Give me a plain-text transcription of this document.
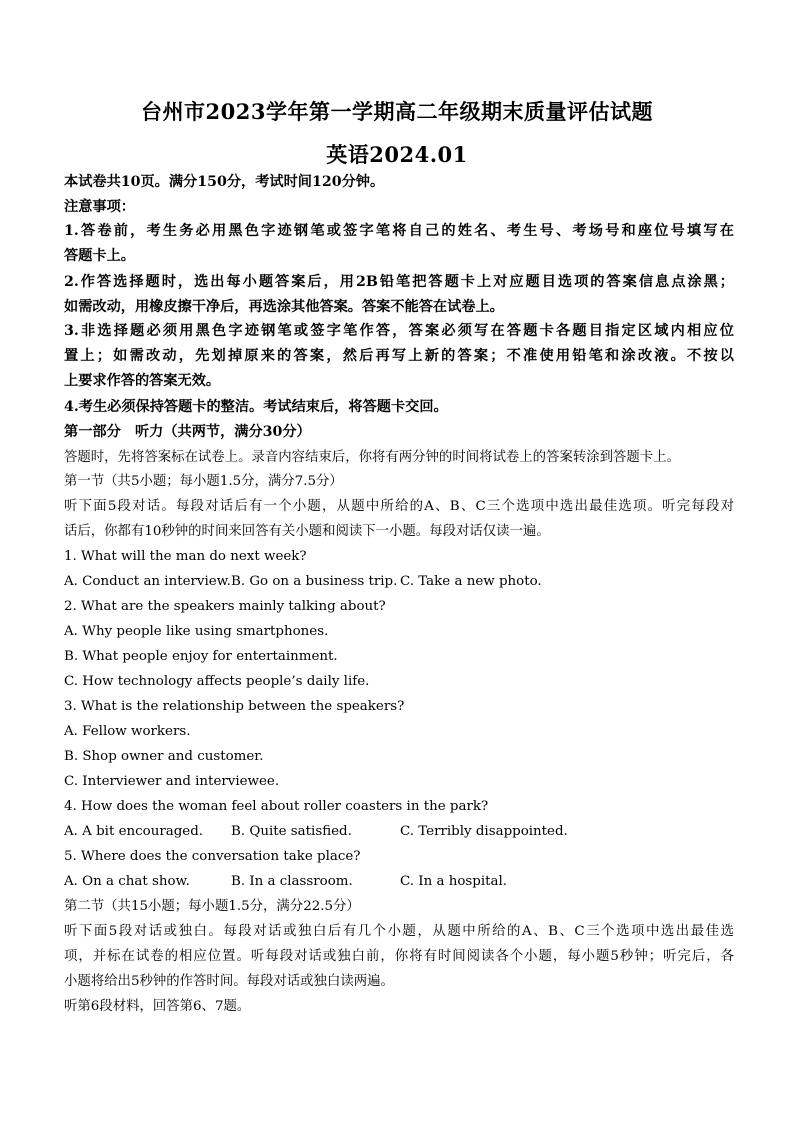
台州市2023学年第一学期高二年级期末质量评估试题
英语2024.01
本试卷共10页。满分150分，考试时间120分钟。
注意事项：
1.答卷前，考生务必用黑色字迹钢笔或签字笔将自己的姓名、考生号、考场号和座位号填写在
答题卡上。
2.作答选择题时，选出每小题答案后，用2B铅笔把答题卡上对应题目选项的答案信息点涂黑；
如需改动，用橡皮擦干净后，再选涂其他答案。答案不能答在试卷上。
3.非选择题必须用黑色字迹钢笔或签字笔作答，答案必须写在答题卡各题目指定区域内相应位
置上；如需改动，先划掉原来的答案，然后再写上新的答案；不准使用铅笔和涂改液。不按以
上要求作答的答案无效。
4.考生必须保持答题卡的整洁。考试结束后，将答题卡交回。
第一部分　听力（共两节，满分30分）
答题时，先将答案标在试卷上。录音内容结束后，你将有两分钟的时间将试卷上的答案转涂到答题卡上。
第一节（共5小题；每小题1.5分，满分7.5分）
听下面5段对话。每段对话后有一个小题，从题中所给的A、B、C三个选项中选出最佳选项。听完每段对
话后，你都有10秒钟的时间来回答有关小题和阅读下一小题。每段对话仅读一遍。
1. What will the man do next week?
A. Conduct an interview. B. Go on a business trip. C. Take a new photo.
2. What are the speakers mainly talking about?
A. Why people like using smartphones.
B. What people enjoy for entertainment.
C. How technology affects people’s daily life.
3. What is the relationship between the speakers?
A. Fellow workers.
B. Shop owner and customer.
C. Interviewer and interviewee.
4. How does the woman feel about roller coasters in the park?
A. A bit encouraged. B. Quite satisfied.	C. Terribly disappointed.
5. Where does the conversation take place?
A. On a chat show.	B. In a classroom.	C. In a hospital.
第二节（共15小题；每小题1.5分，满分22.5分）
听下面5段对话或独白。每段对话或独白后有几个小题，从题中所给的A、B、C三个选项中选出最佳选
项，并标在试卷的相应位置。听每段对话或独白前，你将有时间阅读各个小题，每小题5秒钟；听完后，各
小题将给出5秒钟的作答时间。每段对话或独白读两遍。
听第6段材料，回答第6、7题。
